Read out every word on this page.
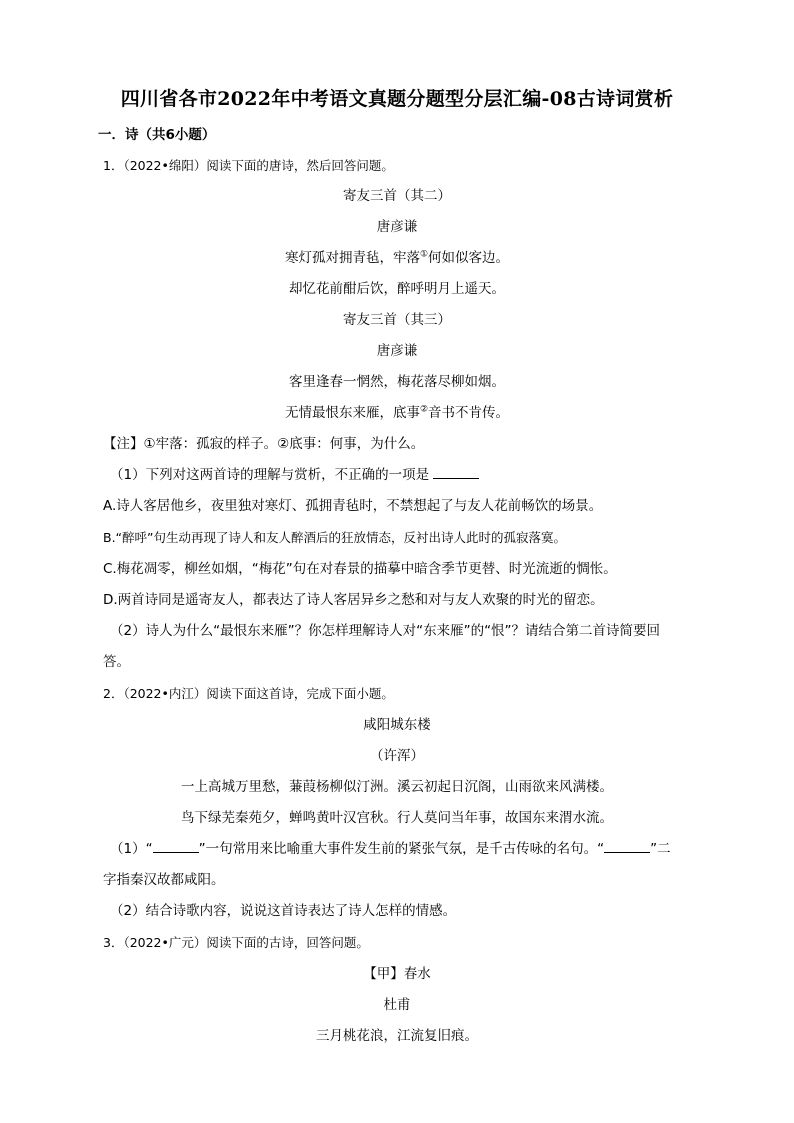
四川省各市2022年中考语文真题分题型分层汇编-08古诗词赏析
一．诗（共6小题）
1．（2022•绵阳）阅读下面的唐诗，然后回答问题。
寄友三首（其二）
唐彦谦
寒灯孤对拥青毡，牢落①何如似客边。
却忆花前酣后饮，醉呼明月上遥天。
寄友三首（其三）
唐彦谦
客里逢春一惘然，梅花落尽柳如烟。
无情最恨东来雁，底事②音书不肯传。
【注】①牢落：孤寂的样子。②底事：何事，为什么。
（1）下列对这两首诗的理解与赏析，不正确的一项是
A.诗人客居他乡，夜里独对寒灯、孤拥青毡时，不禁想起了与友人花前畅饮的场景。
B.“醉呼”句生动再现了诗人和友人醉酒后的狂放情态，反衬出诗人此时的孤寂落寞。
C.梅花凋零，柳丝如烟，“梅花”句在对春景的描摹中暗含季节更替、时光流逝的惆怅。
D.两首诗同是遥寄友人，都表达了诗人客居异乡之愁和对与友人欢聚的时光的留恋。
（2）诗人为什么“最恨东来雁”？你怎样理解诗人对“东来雁”的“恨”？请结合第二首诗简要回
答。
2．（2022•内江）阅读下面这首诗，完成下面小题。
咸阳城东楼
（许浑）
一上高城万里愁，蒹葭杨柳似汀洲。溪云初起日沉阁，山雨欲来风满楼。
鸟下绿芜秦苑夕，蝉鸣黄叶汉宫秋。行人莫问当年事，故国东来渭水流。
（1）“	”一句常用来比喻重大事件发生前的紧张气氛，是千古传咏的名句。“	”二
字指秦汉故都咸阳。
（2）结合诗歌内容，说说这首诗表达了诗人怎样的情感。
3．（2022•广元）阅读下面的古诗，回答问题。
【甲】春水
杜甫
三月桃花浪，江流复旧痕。
